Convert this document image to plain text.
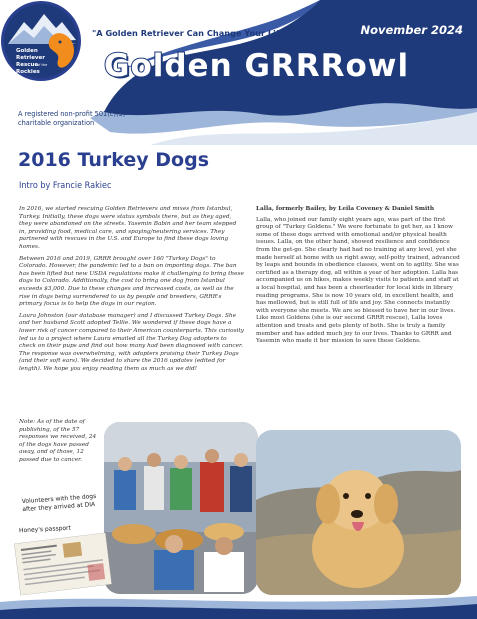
Golden
Retriever
Rescue
of the
Rockies
"A Golden Retriever Can Change Your Life!"™	November 2024
Golden GRRRowl
A registered non-profit 501(c)(3) charitable organization
2016 Turkey Dogs
Intro by Francie Rakiec

In 2016, we started rescuing Golden Retrievers and mixes from Istanbul, Turkey. Initially, these dogs were status symbols there, but as they aged, they were abandoned on the streets. Yasemin Babin and her team stepped in, providing food, medical care, and spaying/neutering services. They partnered with rescues in the U.S. and Europe to find these dogs loving homes.

Between 2016 and 2019, GRRR brought over 160 "Turkey Dogs" to Colorado. However, the pandemic led to a ban on importing dogs. The ban has been lifted but new USDA regulations make it challenging to bring these dogs to Colorado. Additionally, the cost to bring one dog from Istanbul exceeds $3,000. Due to these changes and increased costs, as well as the rise in dogs being surrendered to us by people and breeders, GRRR's primary focus is to help the dogs in our region.

Laura Johnston (our database manager) and I discussed Turkey Dogs. She and her husband Scott adopted Tellie. We wondered if these dogs have a lower risk of cancer compared to their American counterparts. This curiosity led us to a project where Laura emailed all the Turkey Dog adopters to check on their pups and find out how many had been diagnosed with cancer. The response was overwhelming, with adopters praising their Turkey Dogs (and their soft ears). We decided to share the 2016 updates (edited for length). We hope you enjoy reading them as much as we did!

Note: As of the date of publishing, of the 57 responses we received, 24 of the dogs have passed away, and of those, 12 passed due to cancer.

Lalla, formerly Bailey, by Leila Coveney & Daniel Smith

Lalla, who joined our family eight years ago, was part of the first group of "Turkey Goldens." We were fortunate to get her, as I know some of these dogs arrived with emotional and/or physical health issues. Lalla, on the other hand, showed resilience and confidence from the get-go. She clearly had had no training at any level, yet she made herself at home with us right away, self-potty trained, advanced by leaps and bounds in obedience classes, went on to agility. She was certified as a therapy dog, all within a year of her adoption. Lalla has accompanied us on hikes, makes weekly visits to patients and staff at a local hospital, and has been a cheerleader for local kids in library reading programs. She is now 10 years old, in excellent health, and has mellowed, but is still full of life and joy. She connects instantly with everyone she meets. We are so blessed to have her in our lives. Like most Goldens (she is our second GRRR rescue), Lalla loves attention and treats and gets plenty of both. She is truly a family member and has added much joy to our lives. Thanks to GRRR and Yasemin who made it her mission to save these Goldens.

Volunteers with the dogs after they arrived at DIA
Honey's passport
